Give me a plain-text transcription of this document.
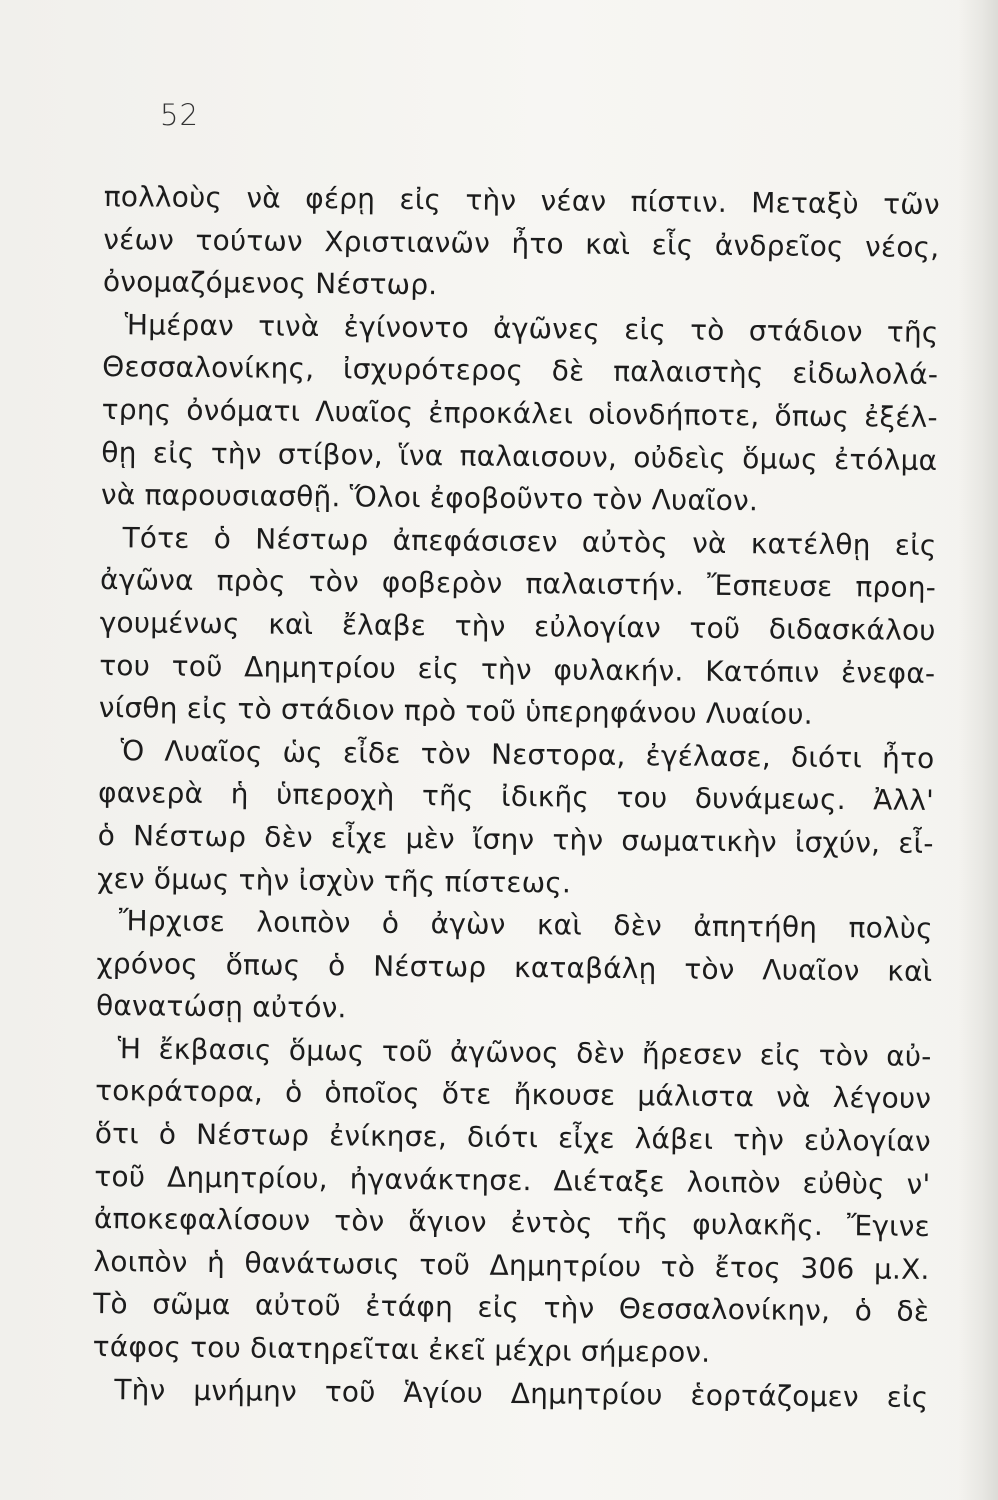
52
πολλοὺς νὰ φέρῃ εἰς τὴν νέαν πίστιν. Μεταξὺ τῶν
νέων τούτων Χριστιανῶν ἦτο καὶ εἷς ἀνδρεῖος νέος,
ὀνομαζόμενος Νέστωρ.
Ἡμέραν τινὰ ἐγίνοντο ἀγῶνες εἰς τὸ στάδιον τῆς
Θεσσαλονίκης, ἰσχυρότερος δὲ παλαιστὴς εἰδωλολά-
τρης ὀνόματι Λυαῖος ἐπροκάλει οἱονδήποτε, ὅπως ἐξέλ-
θῃ εἰς τὴν στίβον, ἵνα παλαισουν, οὐδεὶς ὅμως ἐτόλμα
νὰ παρουσιασθῇ. Ὅλοι ἐφοβοῦντο τὸν Λυαῖον.
Τότε ὁ Νέστωρ ἀπεφάσισεν αὐτὸς νὰ κατέλθῃ εἰς
ἀγῶνα πρὸς τὸν φοβερὸν παλαιστήν. Ἔσπευσε προη-
γουμένως καὶ ἔλαβε τὴν εὐλογίαν τοῦ διδασκάλου
του τοῦ Δημητρίου εἰς τὴν φυλακήν. Κατόπιν ἐνεφα-
νίσθη εἰς τὸ στάδιον πρὸ τοῦ ὑπερηφάνου Λυαίου.
Ὁ Λυαῖος ὡς εἶδε τὸν Νεστορα, ἐγέλασε, διότι ἦτο
φανερὰ ἡ ὑπεροχὴ τῆς ἰδικῆς του δυνάμεως. Ἀλλ'
ὁ Νέστωρ δὲν εἶχε μὲν ἴσην τὴν σωματικὴν ἰσχύν, εἶ-
χεν ὅμως τὴν ἰσχὺν τῆς πίστεως.
Ἤρχισε λοιπὸν ὁ ἀγὼν καὶ δὲν ἀπητήθη πολὺς
χρόνος ὅπως ὁ Νέστωρ καταβάλῃ τὸν Λυαῖον καὶ
θανατώσῃ αὐτόν.
Ἡ ἔκβασις ὅμως τοῦ ἀγῶνος δὲν ἤρεσεν εἰς τὸν αὐ-
τοκράτορα, ὁ ὁποῖος ὅτε ἤκουσε μάλιστα νὰ λέγουν
ὅτι ὁ Νέστωρ ἐνίκησε, διότι εἶχε λάβει τὴν εὐλογίαν
τοῦ Δημητρίου, ἠγανάκτησε. Διέταξε λοιπὸν εὐθὺς ν'
ἀποκεφαλίσουν τὸν ἅγιον ἐντὸς τῆς φυλακῆς. Ἔγινε
λοιπὸν ἡ θανάτωσις τοῦ Δημητρίου τὸ ἔτος 306 μ.Χ.
Τὸ σῶμα αὐτοῦ ἐτάφη εἰς τὴν Θεσσαλονίκην, ὁ δὲ
τάφος του διατηρεῖται ἐκεῖ μέχρι σήμερον.
Τὴν μνήμην τοῦ Ἁγίου Δημητρίου ἑορτάζομεν εἰς
